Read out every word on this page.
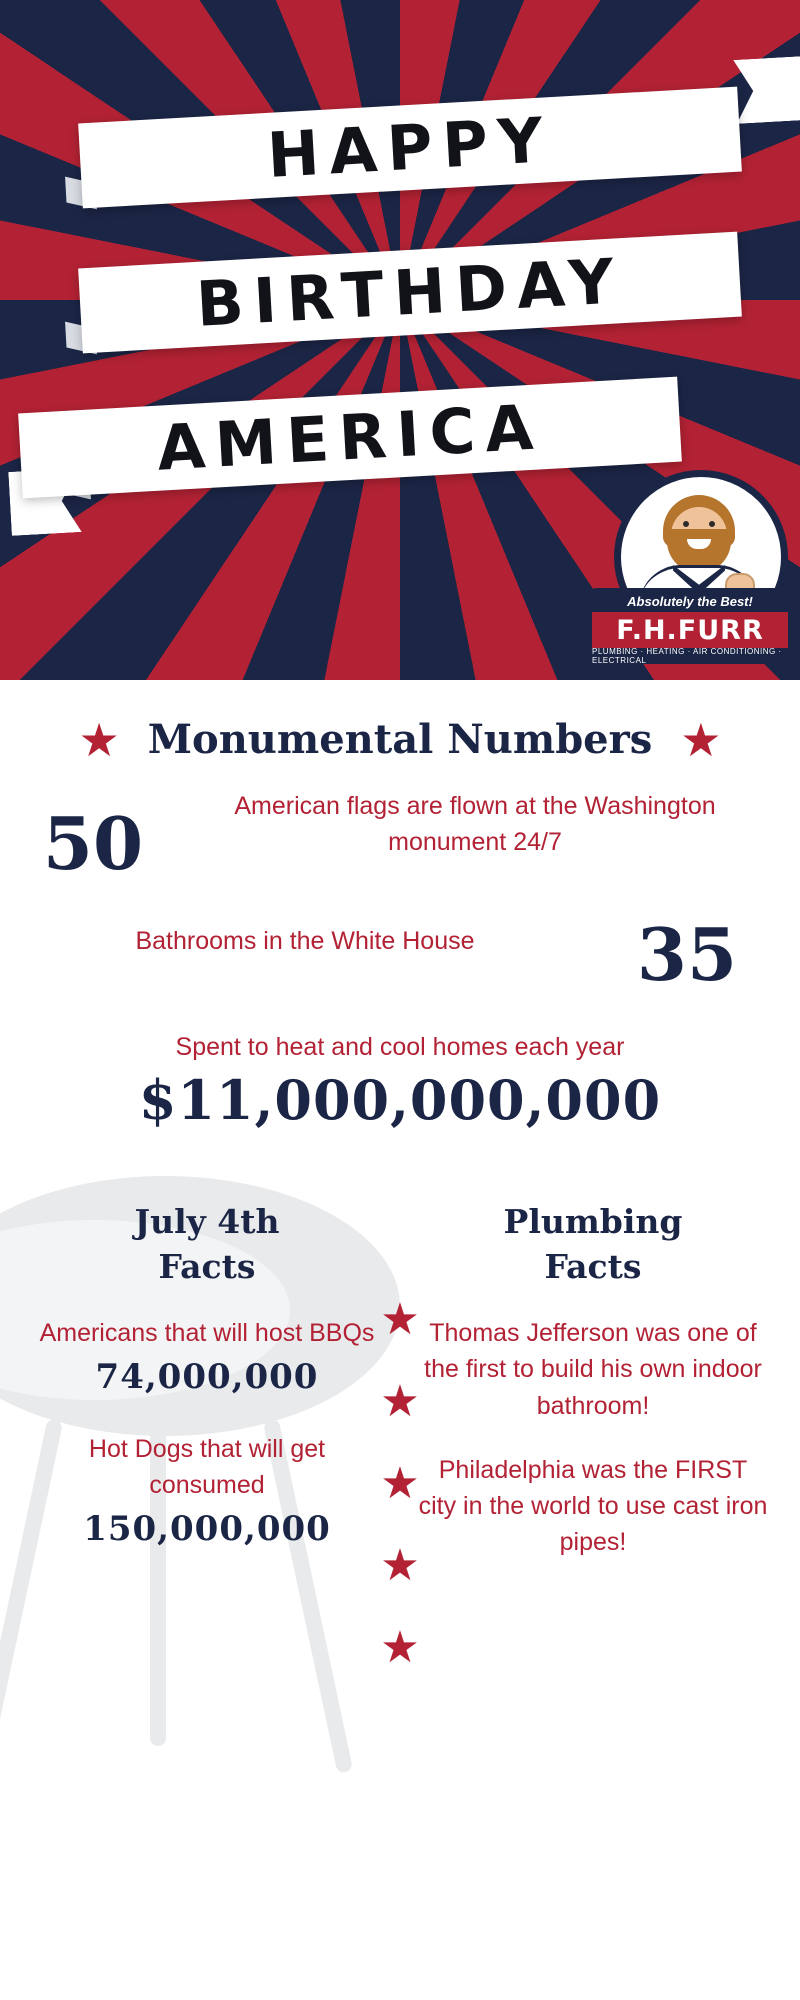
HAPPY
BIRTHDAY
AMERICA
Absolutely the Best!
F.H.FURR
PLUMBING · HEATING · AIR CONDITIONING · ELECTRICAL
★ Monumental Numbers ★
50	American flags are flown at the Washington monument 24/7
Bathrooms in the White House	35
Spent to heat and cool homes each year
$11,000,000,000
★
★
★
★
★
July 4th
Facts

Americans that will host BBQs

74,000,000

Hot Dogs that will get consumed

150,000,000

Plumbing
Facts

Thomas Jefferson was one of the first to build his own indoor bathroom!

Philadelphia was the FIRST city in the world to use cast iron pipes!
